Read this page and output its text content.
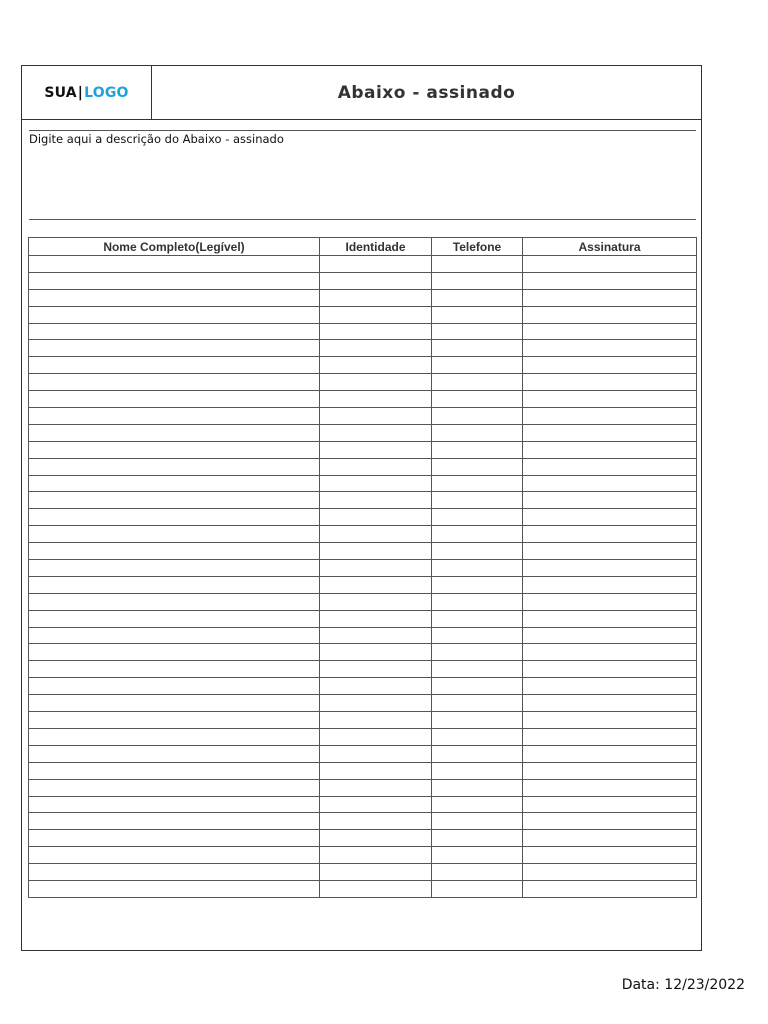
SUA | LOGO	Abaixo - assinado
Digite aqui a descrição do Abaixo - assinado
Nome Completo(Legível)	Identidade	Telefone	Assinatura

Data: 12/23/2022
